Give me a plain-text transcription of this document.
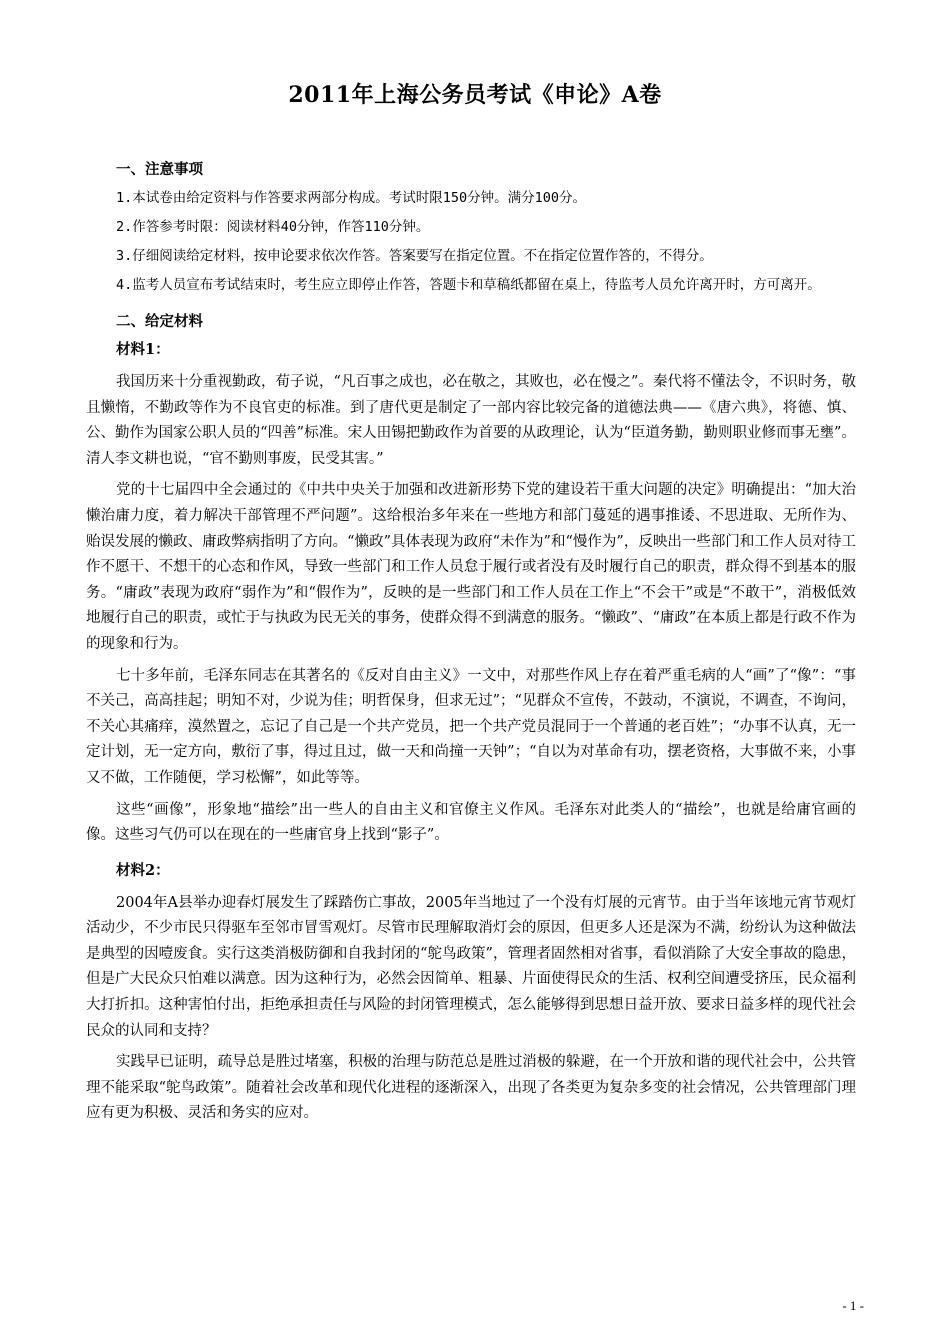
2011年上海公务员考试《申论》A卷

一、注意事项

1.本试卷由给定资料与作答要求两部分构成。考试时限150分钟。满分100分。

2.作答参考时限：阅读材料40分钟，作答110分钟。

3.仔细阅读给定材料，按申论要求依次作答。答案要写在指定位置。不在指定位置作答的，不得分。

4.监考人员宣布考试结束时，考生应立即停止作答，答题卡和草稿纸都留在桌上，待监考人员允许离开时，方可离开。

二、给定材料

材料1：

我国历来十分重视勤政，荀子说，“凡百事之成也，必在敬之，其败也，必在慢之”。秦代将不懂法令，不识时务，敬且懒惰，不勤政等作为不良官吏的标准。到了唐代更是制定了一部内容比较完备的道德法典——《唐六典》，将德、慎、公、勤作为国家公职人员的“四善”标准。宋人田锡把勤政作为首要的从政理论，认为“臣道务勤，勤则职业修而事无壅”。清人李文耕也说，“官不勤则事废，民受其害。”

党的十七届四中全会通过的《中共中央关于加强和改进新形势下党的建设若干重大问题的决定》明确提出：“加大治懒治庸力度，着力解决干部管理不严问题”。这给根治多年来在一些地方和部门蔓延的遇事推诿、不思进取、无所作为、贻误发展的懒政、庸政弊病指明了方向。“懒政”具体表现为政府“未作为”和“慢作为”，反映出一些部门和工作人员对待工作不愿干、不想干的心态和作风，导致一些部门和工作人员怠于履行或者没有及时履行自己的职责，群众得不到基本的服务。“庸政”表现为政府“弱作为”和“假作为”，反映的是一些部门和工作人员在工作上“不会干”或是“不敢干”，消极低效地履行自己的职责，或忙于与执政为民无关的事务，使群众得不到满意的服务。“懒政”、“庸政”在本质上都是行政不作为的现象和行为。

七十多年前，毛泽东同志在其著名的《反对自由主义》一文中，对那些作风上存在着严重毛病的人“画”了“像”：“事不关己，高高挂起；明知不对，少说为佳；明哲保身，但求无过”；“见群众不宣传，不鼓动，不演说，不调查，不询问，不关心其痛痒，漠然置之，忘记了自己是一个共产党员，把一个共产党员混同于一个普通的老百姓”；“办事不认真，无一定计划，无一定方向，敷衍了事，得过且过，做一天和尚撞一天钟”；“自以为对革命有功，摆老资格，大事做不来，小事又不做，工作随便，学习松懈”，如此等等。

这些“画像”，形象地“描绘”出一些人的自由主义和官僚主义作风。毛泽东对此类人的“描绘”，也就是给庸官画的像。这些习气仍可以在现在的一些庸官身上找到“影子”。

材料2：

2004年A县举办迎春灯展发生了踩踏伤亡事故，2005年当地过了一个没有灯展的元宵节。由于当年该地元宵节观灯活动少，不少市民只得驱车至邻市冒雪观灯。尽管市民理解取消灯会的原因，但更多人还是深为不满，纷纷认为这种做法是典型的因噎废食。实行这类消极防御和自我封闭的“鸵鸟政策”，管理者固然相对省事，看似消除了大安全事故的隐患，但是广大民众只怕难以满意。因为这种行为，必然会因简单、粗暴、片面使得民众的生活、权利空间遭受挤压，民众福利大打折扣。这种害怕付出，拒绝承担责任与风险的封闭管理模式，怎么能够得到思想日益开放、要求日益多样的现代社会民众的认同和支持？

实践早已证明，疏导总是胜过堵塞，积极的治理与防范总是胜过消极的躲避，在一个开放和谐的现代社会中，公共管理不能采取“鸵鸟政策”。随着社会改革和现代化进程的逐渐深入，出现了各类更为复杂多变的社会情况，公共管理部门理应有更为积极、灵活和务实的应对。

- 1 -
